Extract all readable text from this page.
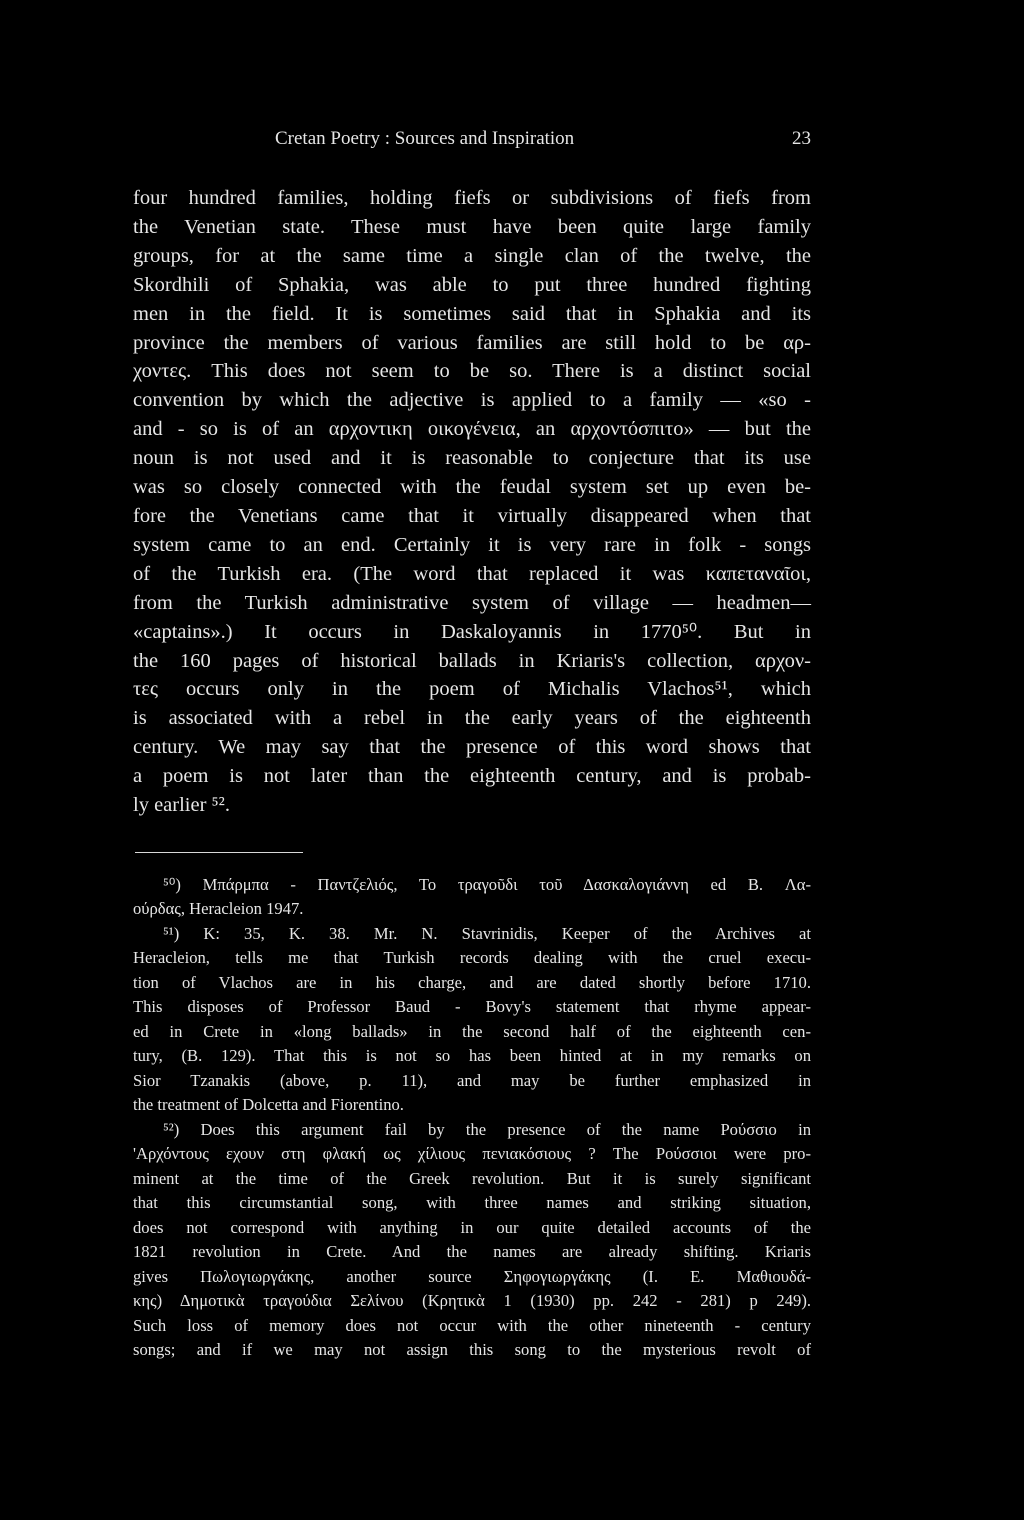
Cretan Poetry : Sources and Inspiration	23
four hundred families, holding fiefs or subdivisions of fiefs from
the Venetian state. These must have been quite large family
groups, for at the same time a single clan of the twelve, the
Skordhili of Sphakia, was able to put three hundred fighting
men in the field. It is sometimes said that in Sphakia and its
province the members of various families are still hold to be αρ-
χοντες. This does not seem to be so. There is a distinct social
convention by which the adjective is applied to a family — «so -
and - so is of an αρχοντικη οικογένεια, an αρχοντόσπιτο» — but the
noun is not used and it is reasonable to conjecture that its use
was so closely connected with the feudal system set up even be-
fore the Venetians came that it virtually disappeared when that
system came to an end. Certainly it is very rare in folk - songs
of the Turkish era. (The word that replaced it was καπεταναῖοι,
from the Turkish administrative system of village — headmen—
«captains».) It occurs in Daskaloyannis in 1770⁵⁰. But in
the 160 pages of historical ballads in Kriaris's collection, αρχον-
τες occurs only in the poem of Michalis Vlachos⁵¹, which
is associated with a rebel in the early years of the eighteenth
century. We may say that the presence of this word shows that
a poem is not later than the eighteenth century, and is probab-
ly earlier ⁵².
⁵⁰) Μπάρμπα - Παντζελιός, Το τραγοῦδι τοῦ Δασκαλογιάννη ed B. Λα-
ούρδας, Heracleion 1947.
⁵¹) K: 35, K. 38. Mr. N. Stavrinidis, Keeper of the Archives at
Heracleion, tells me that Turkish records dealing with the cruel execu-
tion of Vlachos are in his charge, and are dated shortly before 1710.
This disposes of Professor Baud - Bovy's statement that rhyme appear-
ed in Crete in «long ballads» in the second half of the eighteenth cen-
tury, (B. 129). That this is not so has been hinted at in my remarks on
Sior Tzanakis (above, p. 11), and may be further emphasized in
the treatment of Dolcetta and Fiorentino.
⁵²) Does this argument fail by the presence of the name Ρούσσιο in
'Αρχόντους εχουν στη φλακή ως χίλιους πενιακόσιους ? The Ρούσσιοι were pro-
minent at the time of the Greek revolution. But it is surely significant
that this circumstantial song, with three names and striking situation,
does not correspond with anything in our quite detailed accounts of the
1821 revolution in Crete. And the names are already shifting. Kriaris
gives Πωλογιωργάκης, another source Σηφογιωργάκης (I. E. Μαθιουδά-
κης) Δημοτικὰ τραγούδια Σελίνου (Κρητικὰ 1 (1930) pp. 242 - 281) p 249).
Such loss of memory does not occur with the other nineteenth - century
songs; and if we may not assign this song to the mysterious revolt of
